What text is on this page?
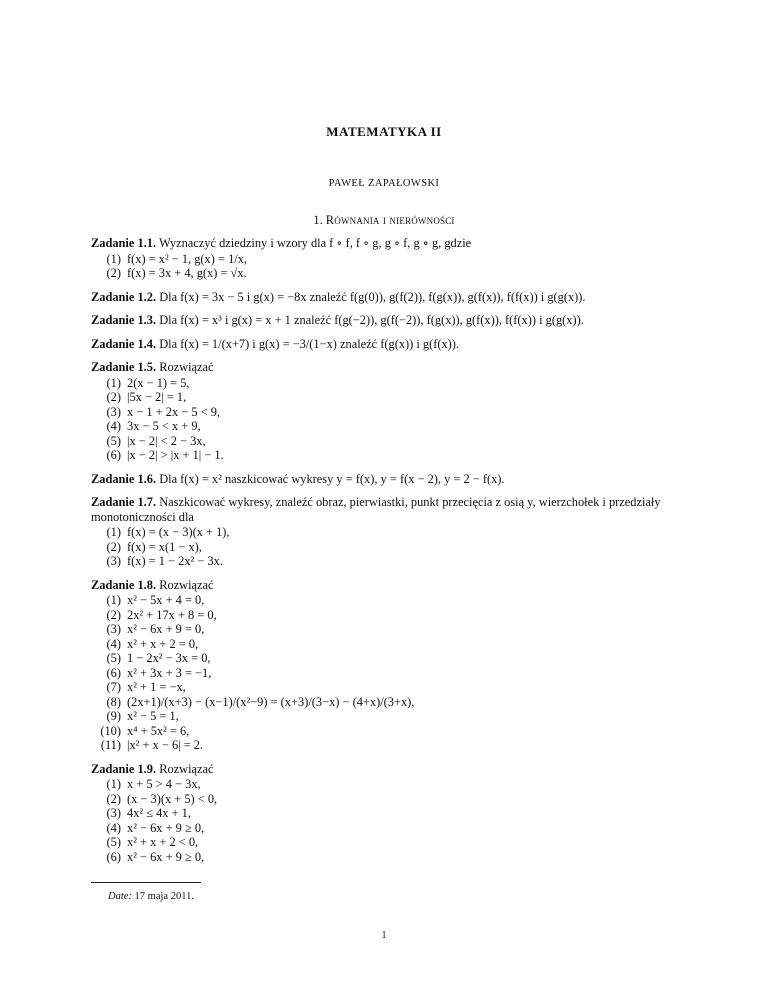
MATEMATYKA II
PAWEŁ ZAPAŁOWSKI
1. Równania i nierówności
Zadanie 1.1. Wyznaczyć dziedziny i wzory dla f ∘ f, f ∘ g, g ∘ f, g ∘ g, gdzie
(1) f(x) = x² − 1, g(x) = 1/x,
(2) f(x) = 3x + 4, g(x) = √x.
Zadanie 1.2. Dla f(x) = 3x − 5 i g(x) = −8x znaleźć f(g(0)), g(f(2)), f(g(x)), g(f(x)), f(f(x)) i g(g(x)).
Zadanie 1.3. Dla f(x) = x³ i g(x) = x + 1 znaleźć f(g(−2)), g(f(−2)), f(g(x)), g(f(x)), f(f(x)) i g(g(x)).
Zadanie 1.4. Dla f(x) = 1/(x+7) i g(x) = −3/(1−x) znaleźć f(g(x)) i g(f(x)).
Zadanie 1.5. Rozwiązać
(1) 2(x − 1) = 5,
(2) |5x − 2| = 1,
(3) x − 1 + 2x − 5 < 9,
(4) 3x − 5 < x + 9,
(5) |x − 2| < 2 − 3x,
(6) |x − 2| > |x + 1| − 1.
Zadanie 1.6. Dla f(x) = x² naszkicować wykresy y = f(x), y = f(x − 2), y = 2 − f(x).
Zadanie 1.7. Naszkicować wykresy, znaleźć obraz, pierwiastki, punkt przecięcia z osią y, wierzchołek i przedziały monotoniczności dla
(1) f(x) = (x − 3)(x + 1),
(2) f(x) = x(1 − x),
(3) f(x) = 1 − 2x² − 3x.
Zadanie 1.8. Rozwiązać
(1) x² − 5x + 4 = 0,
(2) 2x² + 17x + 8 = 0,
(3) x² − 6x + 9 = 0,
(4) x² + x + 2 = 0,
(5) 1 − 2x² − 3x = 0,
(6) x² + 3x + 3 = −1,
(7) x² + 1 = −x,
(8) (2x+1)/(x+3) − (x−1)/(x²−9) = (x+3)/(3−x) − (4+x)/(3+x),
(9) x² − 5 = 1,
(10) x⁴ + 5x² = 6,
(11) |x² + x − 6| = 2.
Zadanie 1.9. Rozwiązać
(1) x + 5 > 4 − 3x,
(2) (x − 3)(x + 5) < 0,
(3) 4x² ≤ 4x + 1,
(4) x² − 6x + 9 ≥ 0,
(5) x² + x + 2 < 0,
(6) x² − 6x + 9 ≥ 0,
Date: 17 maja 2011.
1
